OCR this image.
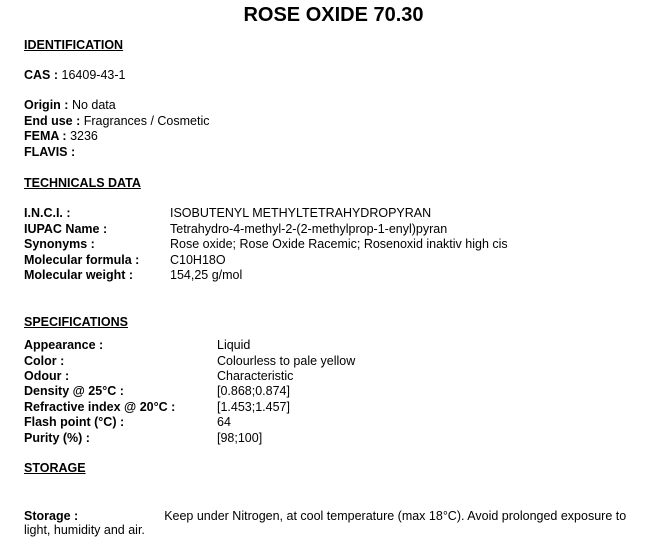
ROSE OXIDE 70.30
IDENTIFICATION
CAS : 16409-43-1
Origin : No data
End use : Fragrances / Cosmetic
FEMA : 3236
FLAVIS :
TECHNICALS DATA
I.N.C.I. :	ISOBUTENYL METHYLTETRAHYDROPYRAN
IUPAC Name :	Tetrahydro-4-methyl-2-(2-methylprop-1-enyl)pyran
Synonyms :	Rose oxide; Rose Oxide Racemic; Rosenoxid inaktiv high cis
Molecular formula : C10H18O
Molecular weight :	154,25 g/mol
SPECIFICATIONS
Appearance :	Liquid
Color :	Colourless to pale yellow
Odour :	Characteristic
Density @ 25°C :	[0.868;0.874]
Refractive index @ 20°C :	[1.453;1.457]
Flash point (°C) :	64
Purity (%) :	[98;100]
STORAGE
Storage :	Keep under Nitrogen, at cool temperature (max 18°C). Avoid prolonged exposure to light, humidity and air.
